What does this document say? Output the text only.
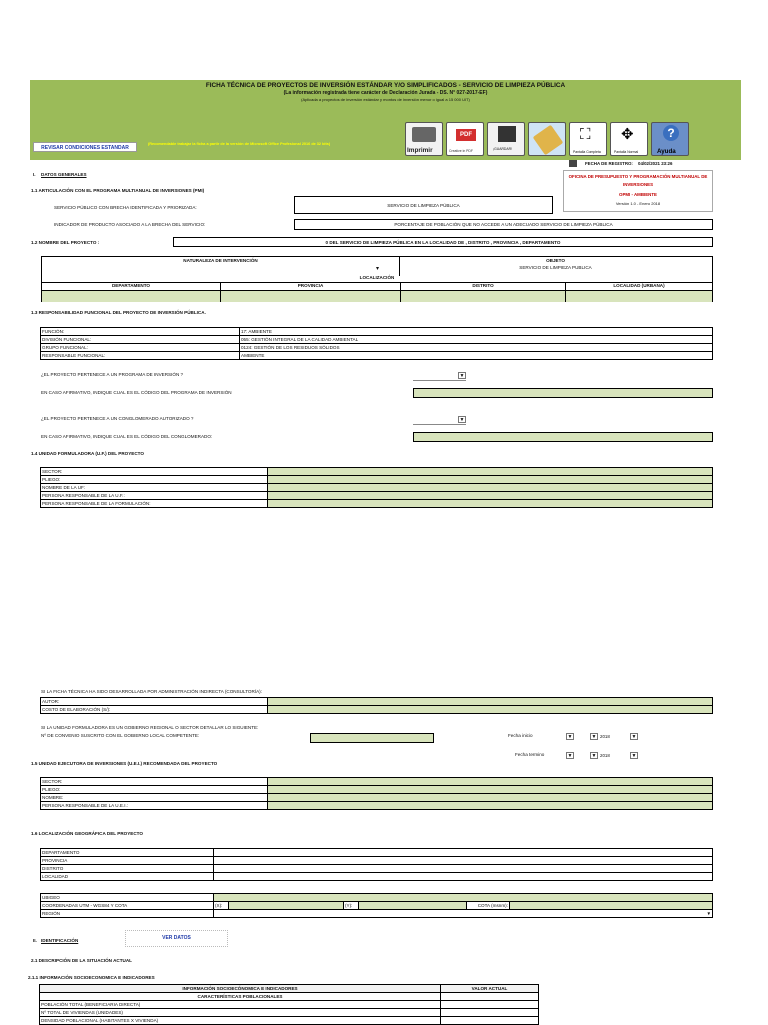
FICHA TÉCNICA DE PROYECTOS DE INVERSIÓN ESTÁNDAR Y/O SIMPLIFICADOS - SERVICIO DE LIMPIEZA PÚBLICA
(La información registrada tiene carácter de Declaración Jurada - DS. N° 027-2017-EF)
(Aplicada a proyectos de inversión estándar y montos de inversión menor o igual a 15 000 UIT)
REVISAR CONDICIONES ESTANDAR
(Recomendable trabajar la ficha a partir de la versión de Microsoft Office Profesional 2016 de 32 bits)
Imprimir
PDF
Creative in PDF	¡GUARDAR!
⛶
Pantalla Completa
✥
Pantalla Normal
?
Ayuda
FECHA DE REGISTRO: 04/02/2021 23:26
OFICINA DE PRESUPUESTO Y PROGRAMACIÓN MULTIANUAL DE INVERSIONES
OPMI - AMBIENTE
Versión 1.0 - Enero 2018
I. DATOS GENERALES
1.1 ARTICULACIÓN CON EL PROGRAMA MULTIANUAL DE INVERSIONES (PMI)
SERVICIO PÚBLICO CON BRECHA IDENTIFICADA Y PRIORIZADA:	SERVICIO DE LIMPIEZA PÚBLICA
INDICADOR DE PRODUCTO ASOCIADO A LA BRECHA DEL SERVICIO:	PORCENTAJE DE POBLACIÓN QUE NO ACCEDE A UN ADECUADO SERVICIO DE LIMPIEZA PÚBLICA
1.2 NOMBRE DEL PROYECTO :	0 DEL SERVICIO DE LIMPIEZA PÚBLICA EN LA LOCALIDAD DE , DISTRITO , PROVINCIA , DEPARTAMENTO
NATURALEZA DE INTERVENCIÓN	OBJETO
SERVICIO DE LIMPIEZA PUBLICA
▾
LOCALIZACIÓN
DEPARTAMENTO	PROVINCIA	DISTRITO	LOCALIDAD (URBANA)
1.3 RESPONSABILIDAD FUNCIONAL DEL PROYECTO DE INVERSIÓN PÚBLICA.
FUNCIÓN:	17: AMBIENTE
DIVISIÓN FUNCIONAL:	055: GESTIÓN INTEGRAL DE LA CALIDAD AMBIENTAL
GRUPO FUNCIONAL:	0124: GESTIÓN DE LOS RESIDUOS SÓLIDOS
RESPONSABLE FUNCIONAL:	AMBIENTE
¿EL PROYECTO PERTENECE A UN PROGRAMA DE INVERSIÓN ?	▼
EN CASO AFIRMATIVO, INDIQUE CUAL ES EL CÓDIGO DEL PROGRAMA DE INVERSIÓN
¿EL PROYECTO PERTENECE A UN CONGLOMERADO AUTORIZADO ?	▼
EN CASO AFIRMATIVO, INDIQUE CUAL ES EL CÓDIGO DEL CONGLOMERADO:
1.4 UNIDAD FORMULADORA (U.F.) DEL PROYECTO
SECTOR:	
PLIEGO:	
NOMBRE DE LA UF:	
PERSONA RESPONSABLE DE LA U.F.:	
PERSONA RESPONSABLE DE LA FORMULACIÓN:	
SI LA FICHA TÉCNICA HA SIDO DESARROLLADA POR ADMINISTRACIÓN INDIRECTA (CONSULTORÍA):
AUTOR:	
COSTO DE ELABORACIÓN (S/):	
SI LA UNIDAD FORMULADORA ES UN GOBIERNO REGIONAL O SECTOR DETALLAR LO SIGUIENTE:
Nº DE CONVENIO SUSCRITO CON EL GOBIERNO LOCAL COMPETENTE:	Fecha inicio	▼	▼ 2018	▼
Fecha termino	▼	▼ 2018	▼
1.5 UNIDAD EJECUTORA DE INVERSIONES (U.E.I.) RECOMENDADA DEL PROYECTO
SECTOR:	
PLIEGO:	
NOMBRE:	
PERSONA RESPONSABLE DE LA U.E.I.:	
1.6 LOCALIZACIÓN GEOGRÁFICA DEL PROYECTO
DEPARTAMENTO	
PROVINCIA	
DISTRITO	
LOCALIDAD	
UBIGEO						
COORDENADAS UTM - WGS84 Y COTA	(X):		(Y):		COTA (msnm):	
REGIÓN	▼					
II. IDENTIFICACIÓN	VER DATOS
2.1 DESCRIPCIÓN DE LA SITUACIÓN ACTUAL
2.1.1 INFORMACIÓN SOCIOECONOMICA E INDICADORES
INFORMACIÓN SOCIOECÓNOMICA E INDICADORES	VALOR ACTUAL
CARACTERÍSTICAS POBLACIONALES	
POBLACIÓN TOTAL (BENEFICIARIA DIRECTA)	
Nº TOTAL DE VIVIENDAS (UNIDADES)	
DENSIDAD POBLACIONAL (HABITANTES X VIVIENDA)	
